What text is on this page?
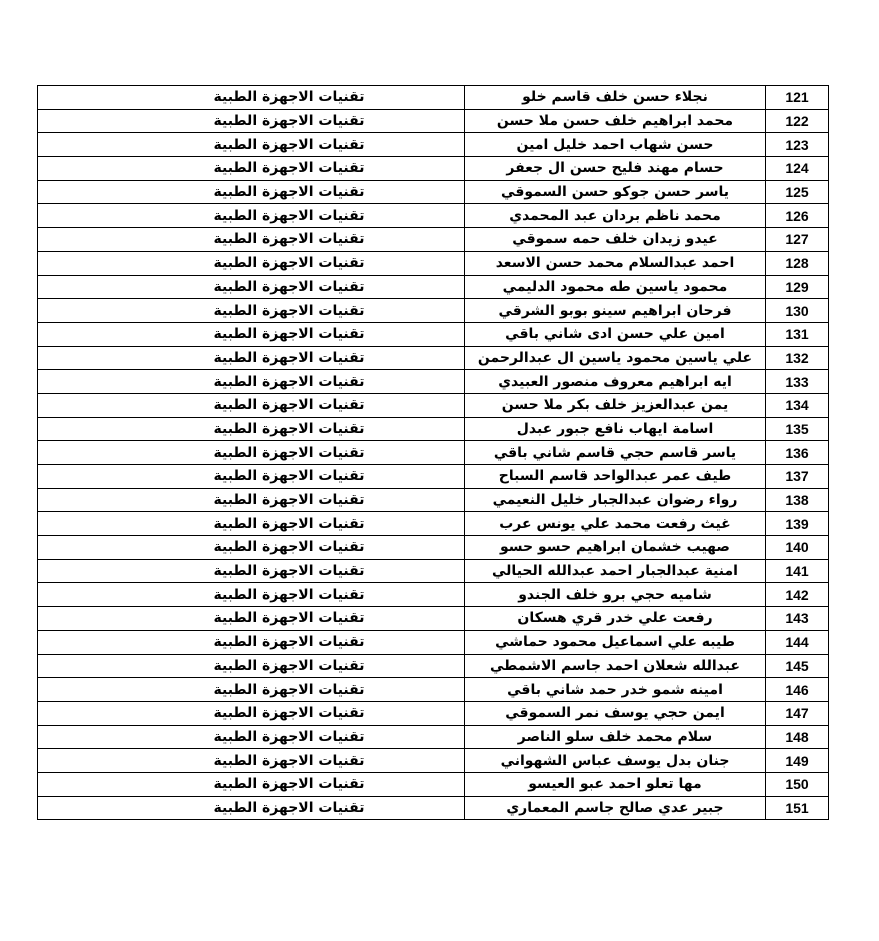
121	نجلاء حسن خلف قاسم خلو	تقنيات الاجهزة الطبية
122	محمد ابراهيم خلف حسن ملا حسن	تقنيات الاجهزة الطبية
123	حسن شهاب احمد خليل امين	تقنيات الاجهزة الطبية
124	حسام مهند فليح حسن ال جعفر	تقنيات الاجهزة الطبية
125	ياسر حسن جوكو حسن السموقي	تقنيات الاجهزة الطبية
126	محمد ناظم بردان عبد المحمدي	تقنيات الاجهزة الطبية
127	عيدو زيدان خلف حمه سموقي	تقنيات الاجهزة الطبية
128	احمد عبدالسلام محمد حسن الاسعد	تقنيات الاجهزة الطبية
129	محمود ياسين طه محمود الدليمي	تقنيات الاجهزة الطبية
130	فرحان ابراهيم سينو بوبو الشرقي	تقنيات الاجهزة الطبية
131	امين علي حسن ادى شاني باقي	تقنيات الاجهزة الطبية
132	علي ياسين محمود ياسين ال عبدالرحمن	تقنيات الاجهزة الطبية
133	ايه ابراهيم معروف منصور العبيدي	تقنيات الاجهزة الطبية
134	يمن عبدالعزيز خلف بكر ملا حسن	تقنيات الاجهزة الطبية
135	اسامة ايهاب نافع جبور عبدل	تقنيات الاجهزة الطبية
136	ياسر قاسم حجي قاسم شاني باقي	تقنيات الاجهزة الطبية
137	طيف عمر عبدالواحد قاسم السباح	تقنيات الاجهزة الطبية
138	رواء رضوان عبدالجبار خليل النعيمي	تقنيات الاجهزة الطبية
139	غيث رفعت محمد علي يونس عرب	تقنيات الاجهزة الطبية
140	صهيب خشمان ابراهيم حسو حسو	تقنيات الاجهزة الطبية
141	امنية عبدالجبار احمد عبدالله الحيالي	تقنيات الاجهزة الطبية
142	شاميه حجي برو خلف الجندو	تقنيات الاجهزة الطبية
143	رفعت علي خدر قري هسكان	تقنيات الاجهزة الطبية
144	طيبه علي اسماعيل محمود حماشي	تقنيات الاجهزة الطبية
145	عبدالله شعلان احمد جاسم الاشمطي	تقنيات الاجهزة الطبية
146	امينه شمو خدر حمد شاني باقي	تقنيات الاجهزة الطبية
147	ايمن حجي يوسف نمر السموقي	تقنيات الاجهزة الطبية
148	سلام محمد خلف سلو الناصر	تقنيات الاجهزة الطبية
149	جنان بدل يوسف عباس الشهواني	تقنيات الاجهزة الطبية
150	مها تعلو احمد عبو العيسو	تقنيات الاجهزة الطبية
151	جبير عدي صالح جاسم المعماري	تقنيات الاجهزة الطبية
